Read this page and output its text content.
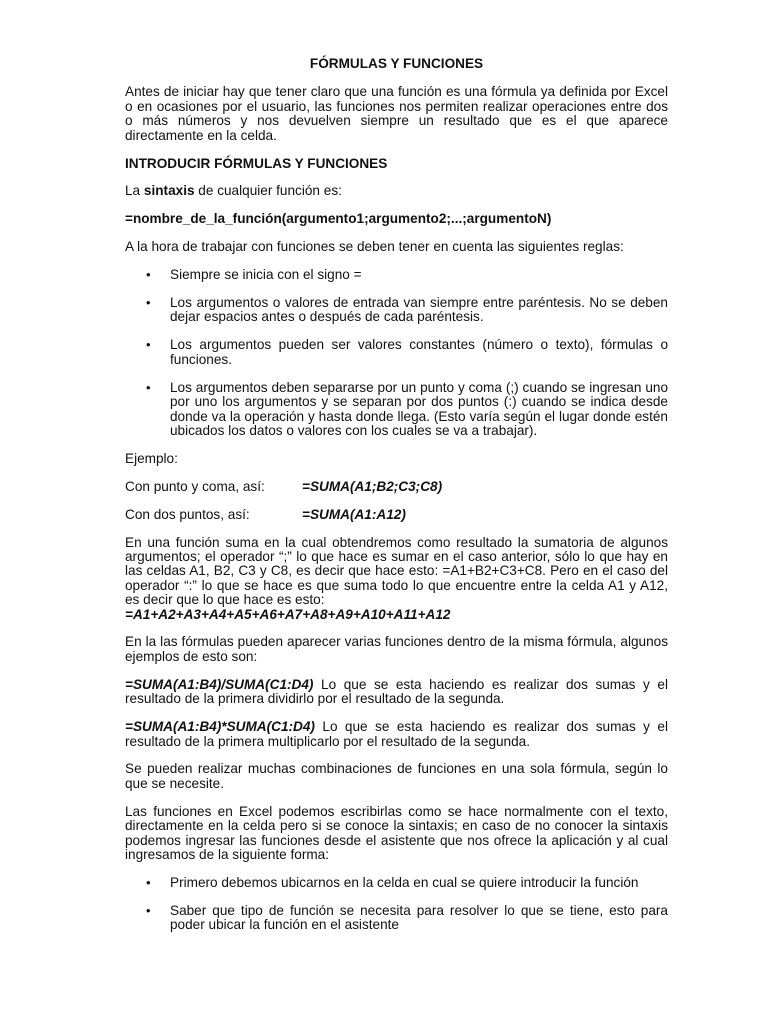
FÓRMULAS Y FUNCIONES

Antes de iniciar hay que tener claro que una función es una fórmula ya definida por Excel o en ocasiones por el usuario, las funciones nos permiten realizar operaciones entre dos o más números y nos devuelven siempre un resultado que es el que aparece directamente en la celda.

INTRODUCIR FÓRMULAS Y FUNCIONES

La sintaxis de cualquier función es:

=nombre_de_la_función(argumento1;argumento2;...;argumentoN)

A la hora de trabajar con funciones se deben tener en cuenta las siguientes reglas:

• Siempre se inicia con el signo =
• Los argumentos o valores de entrada van siempre entre paréntesis. No se deben dejar espacios antes o después de cada paréntesis.
• Los argumentos pueden ser valores constantes (número o texto), fórmulas o funciones.
• Los argumentos deben separarse por un punto y coma (;) cuando se ingresan uno por uno los argumentos y se separan por dos puntos (:) cuando se indica desde donde va la operación y hasta donde llega. (Esto varía según el lugar donde estén ubicados los datos o valores con los cuales se va a trabajar).

Ejemplo:

Con punto y coma, así:	=SUMA(A1;B2;C3;C8)
Con dos puntos, así:	=SUMA(A1:A12)

En una función suma en la cual obtendremos como resultado la sumatoria de algunos argumentos; el operador “;” lo que hace es sumar en el caso anterior, sólo lo que hay en las celdas A1, B2, C3 y C8, es decir que hace esto: =A1+B2+C3+C8. Pero en el caso del operador “:” lo que se hace es que suma todo lo que encuentre entre la celda A1 y A12, es decir que lo que hace es esto:

=A1+A2+A3+A4+A5+A6+A7+A8+A9+A10+A11+A12

En la las fórmulas pueden aparecer varias funciones dentro de la misma fórmula, algunos ejemplos de esto son:

=SUMA(A1:B4)/SUMA(C1:D4) Lo que se esta haciendo es realizar dos sumas y el resultado de la primera dividirlo por el resultado de la segunda.

=SUMA(A1:B4)*SUMA(C1:D4) Lo que se esta haciendo es realizar dos sumas y el resultado de la primera multiplicarlo por el resultado de la segunda.

Se pueden realizar muchas combinaciones de funciones en una sola fórmula, según lo que se necesite.

Las funciones en Excel podemos escribirlas como se hace normalmente con el texto, directamente en la celda pero si se conoce la sintaxis; en caso de no conocer la sintaxis podemos ingresar las funciones desde el asistente que nos ofrece la aplicación y al cual ingresamos de la siguiente forma:

• Primero debemos ubicarnos en la celda en cual se quiere introducir la función
• Saber que tipo de función se necesita para resolver lo que se tiene, esto para poder ubicar la función en el asistente
